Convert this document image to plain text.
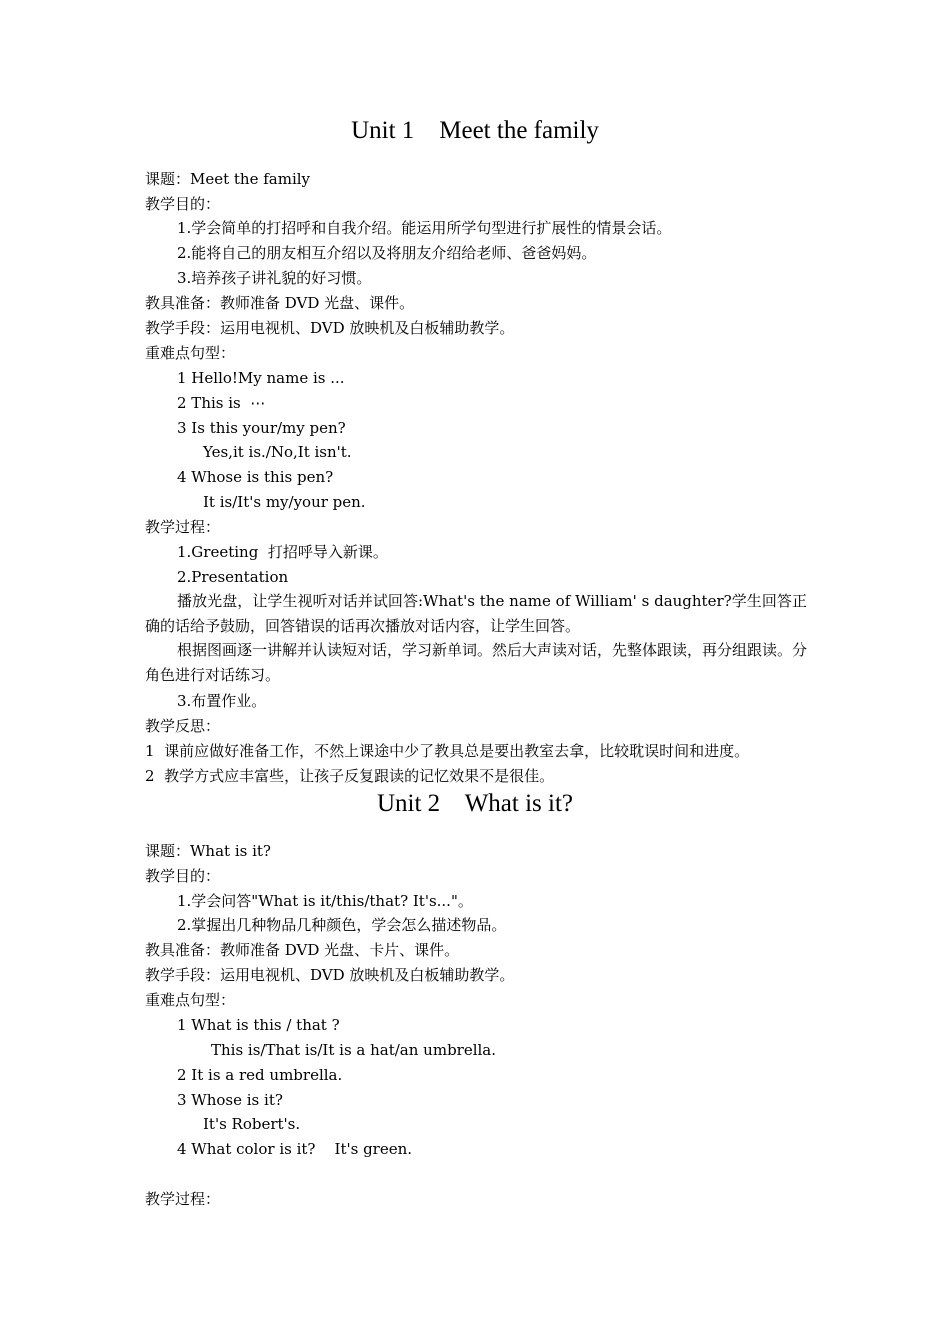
Unit 1    Meet the family
课题：Meet the family
教学目的：
1.学会简单的打招呼和自我介绍。能运用所学句型进行扩展性的情景会话。
2.能将自己的朋友相互介绍以及将朋友介绍给老师、爸爸妈妈。
3.培养孩子讲礼貌的好习惯。
教具准备：教师准备 DVD 光盘、课件。
教学手段：运用电视机、DVD 放映机及白板辅助教学。
重难点句型：
1 Hello!My name is ...
2 This is  ⋯
3 Is this your/my pen?
Yes,it is./No,It isn't.
4 Whose is this pen?
It is/It's my/your pen.
教学过程：
1.Greeting  打招呼导入新课。
2.Presentation
播放光盘，让学生视听对话并试回答:What's the name of William' s daughter?学生回答正确的话给予鼓励，回答错误的话再次播放对话内容，让学生回答。
根据图画逐一讲解并认读短对话，学习新单词。然后大声读对话，先整体跟读，再分组跟读。分角色进行对话练习。
3.布置作业。
教学反思：
1  课前应做好准备工作，不然上课途中少了教具总是要出教室去拿，比较耽误时间和进度。
2  教学方式应丰富些，让孩子反复跟读的记忆效果不是很佳。
Unit 2    What is it?
课题：What is it?
教学目的：
1.学会问答"What is it/this/that? It's..."。
2.掌握出几种物品几种颜色，学会怎么描述物品。
教具准备：教师准备 DVD 光盘、卡片、课件。
教学手段：运用电视机、DVD 放映机及白板辅助教学。
重难点句型：
1 What is this / that ?
This is/That is/It is a hat/an umbrella.
2 It is a red umbrella.
3 Whose is it?
It's Robert's.
4 What color is it?    It's green.
教学过程：
